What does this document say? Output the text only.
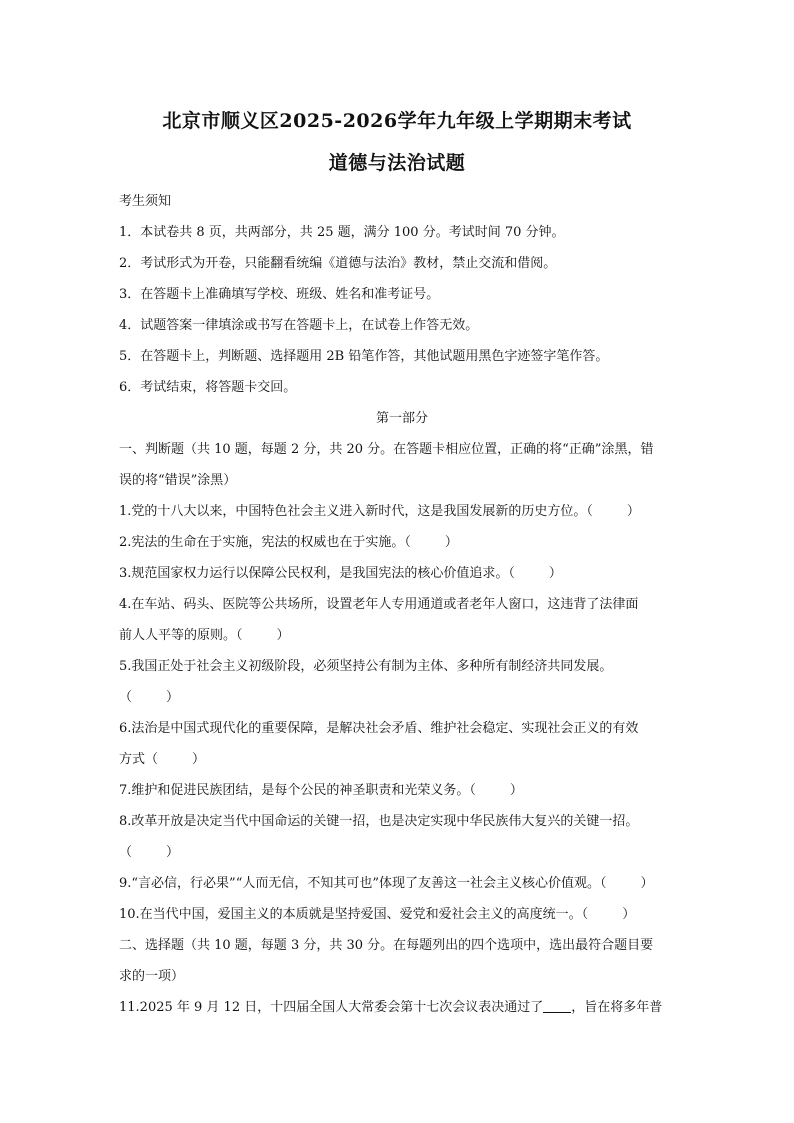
北京市顺义区2025-2026学年九年级上学期期末考试
道德与法治试题
考生须知
1．本试卷共 8 页，共两部分，共 25 题，满分 100 分。考试时间 70 分钟。
2．考试形式为开卷，只能翻看统编《道德与法治》教材，禁止交流和借阅。
3．在答题卡上准确填写学校、班级、姓名和准考证号。
4．试题答案一律填涂或书写在答题卡上，在试卷上作答无效。
5．在答题卡上，判断题、选择题用 2B 铅笔作答，其他试题用黑色字迹签字笔作答。
6．考试结束，将答题卡交回。
第一部分
一、判断题（共 10 题，每题 2 分，共 20 分。在答题卡相应位置，正确的将“正确”涂黑，错
误的将“错误”涂黑）
1.党的十八大以来，中国特色社会主义进入新时代，这是我国发展新的历史方位。（	）
2.宪法的生命在于实施，宪法的权威也在于实施。（	）
3.规范国家权力运行以保障公民权利，是我国宪法的核心价值追求。（	）
4.在车站、码头、医院等公共场所，设置老年人专用通道或者老年人窗口，这违背了法律面
前人人平等的原则。（	）
5.我国正处于社会主义初级阶段，必须坚持公有制为主体、多种所有制经济共同发展。
（	）
6.法治是中国式现代化的重要保障，是解决社会矛盾、维护社会稳定、实现社会正义的有效
方式（	）
7.维护和促进民族团结，是每个公民的神圣职责和光荣义务。（	）
8.改革开放是决定当代中国命运的关键一招，也是决定实现中华民族伟大复兴的关键一招。
（	）
9.“言必信，行必果”“人而无信，不知其可也”体现了友善这一社会主义核心价值观。（	）
10.在当代中国，爱国主义的本质就是坚持爱国、爱党和爱社会主义的高度统一。（	）
二、选择题（共 10 题，每题 3 分，共 30 分。在每题列出的四个选项中，选出最符合题目要
求的一项）
11.2025 年 9 月 12 日，十四届全国人大常委会第十七次会议表决通过了 ，旨在将多年普
